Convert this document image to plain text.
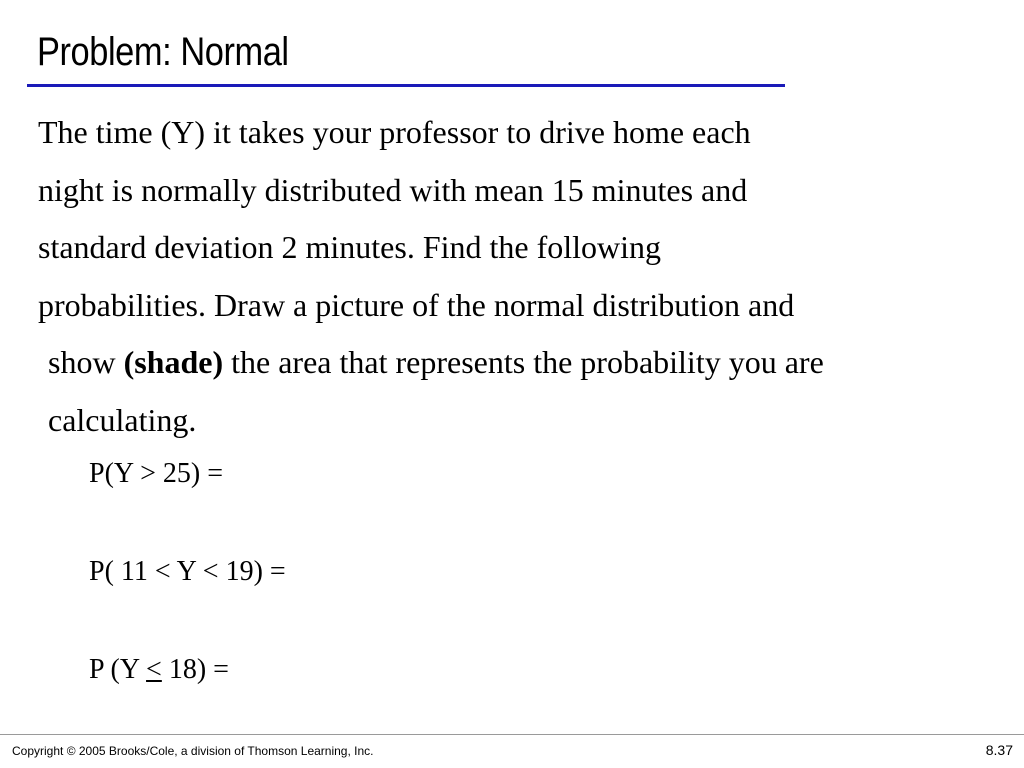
Problem: Normal
The time (Y) it takes your professor to drive home each
night is normally distributed with mean 15 minutes and
standard deviation 2 minutes. Find the following
probabilities. Draw a picture of the normal distribution and
show (shade) the area that represents the probability you are
calculating.
P(Y > 25) =
P( 11 < Y < 19) =
P (Y ≤ 18) =
Copyright © 2005 Brooks/Cole, a division of Thomson Learning, Inc.	8.37
